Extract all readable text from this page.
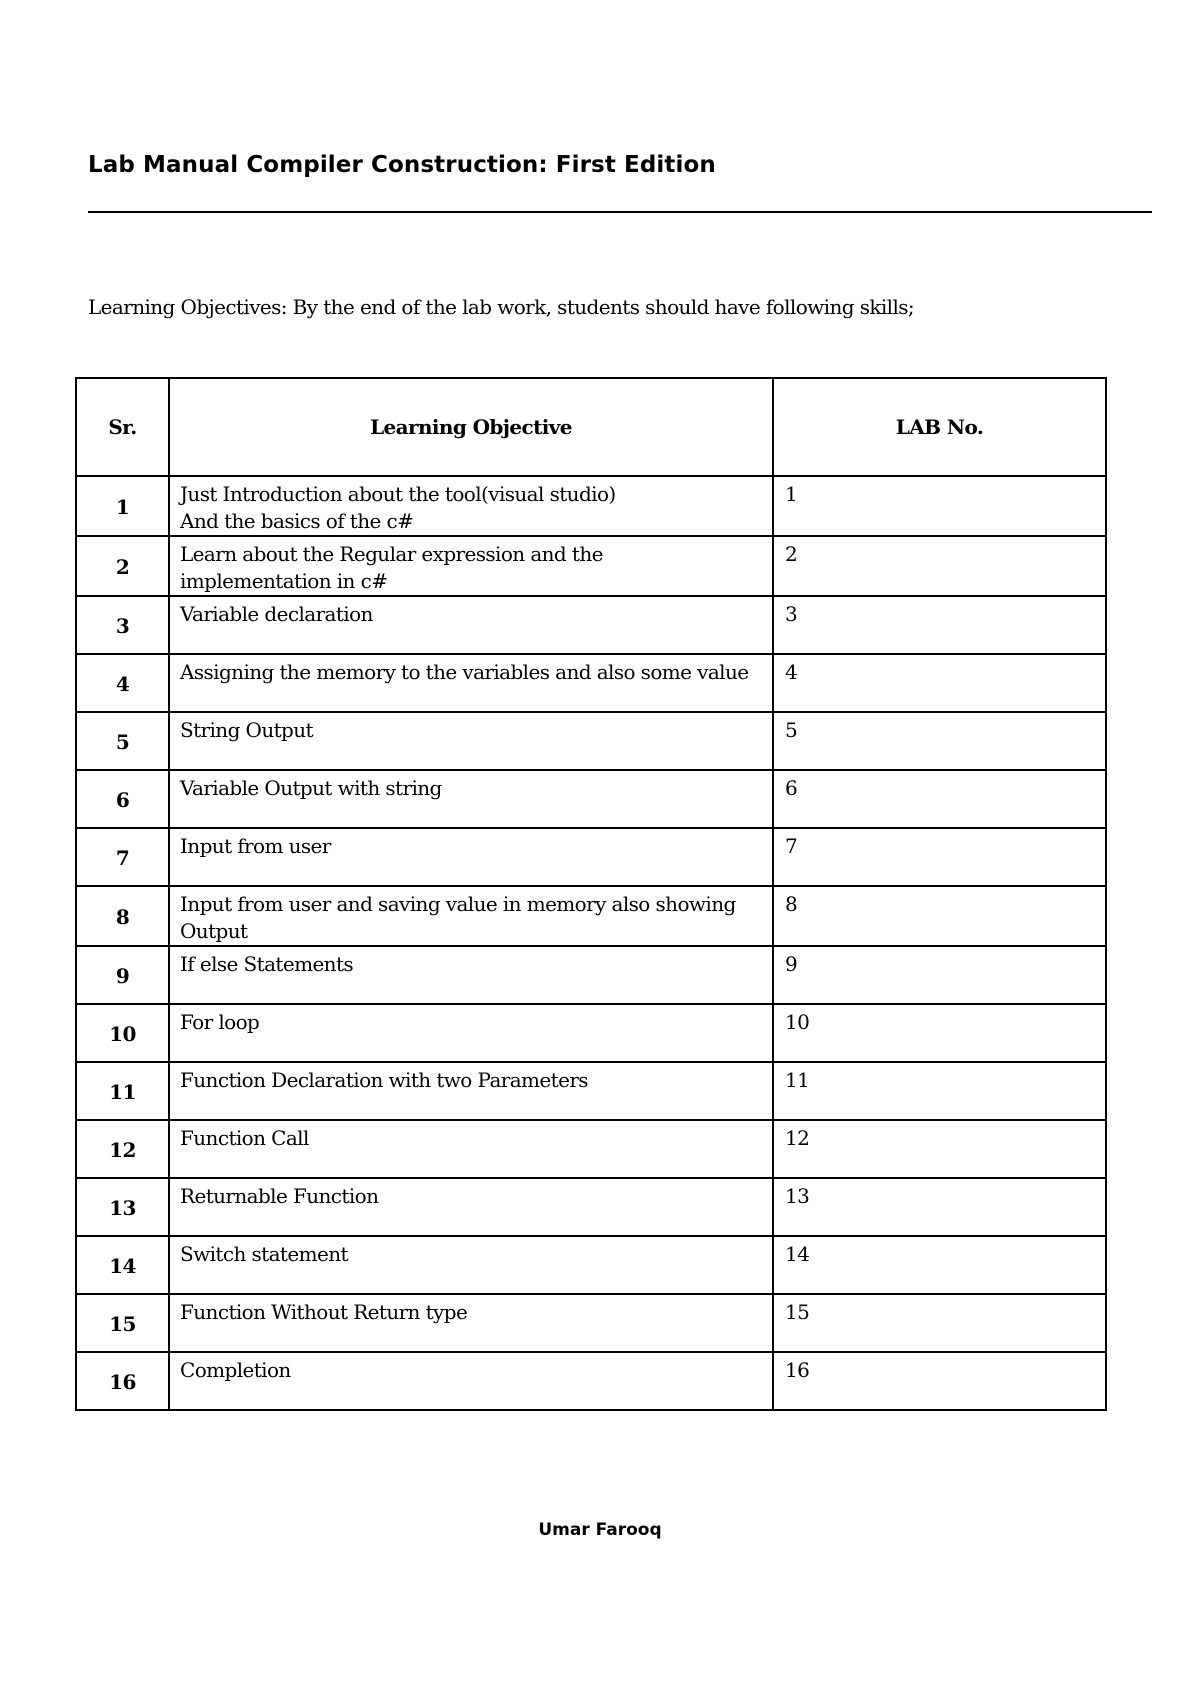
Lab Manual Compiler Construction: First Edition
Learning Objectives: By the end of the lab work, students should have following skills;
Sr.	Learning Objective	LAB No.
1	Just Introduction about the tool(visual studio)
And the basics of the c#	1
2	Learn about the Regular expression and the
implementation in c#	2
3	Variable declaration	3
4	Assigning the memory to the variables and also some value	4
5	String Output	5
6	Variable Output with string	6
7	Input from user	7
8	Input from user and saving value in memory also showing
Output	8
9	If else Statements	9
10	For loop	10
11	Function Declaration with two Parameters	11
12	Function Call	12
13	Returnable Function	13
14	Switch statement	14
15	Function Without Return type	15
16	Completion	16
Umar Farooq
